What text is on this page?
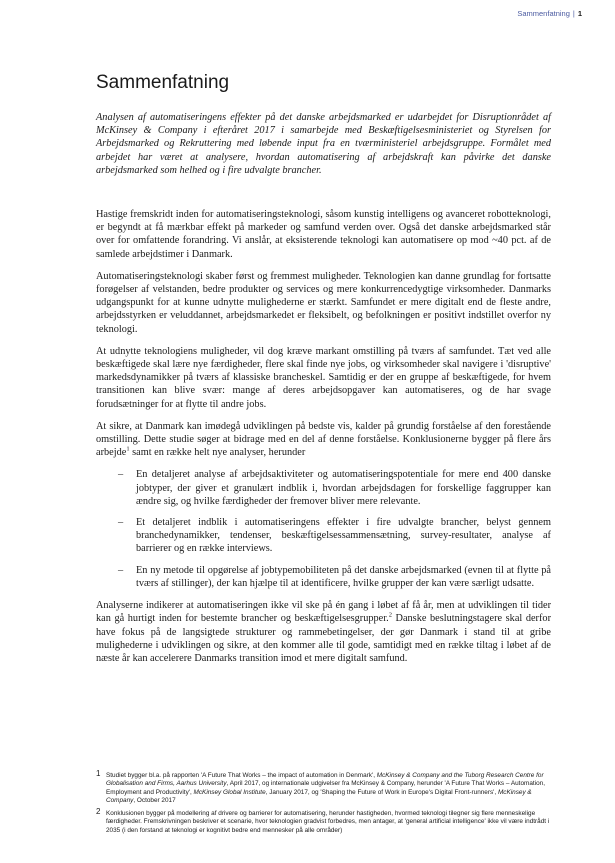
Sammenfatning | 1
Sammenfatning

Analysen af automatiseringens effekter på det danske arbejdsmarked er udarbejdet for Disruptionrådet af McKinsey & Company i efteråret 2017 i samarbejde med Beskæftigelsesministeriet og Styrelsen for Arbejdsmarked og Rekruttering med løbende input fra en tværministeriel arbejdsgruppe. Formålet med arbejdet har været at analysere, hvordan automatisering af arbejdskraft kan påvirke det danske arbejdsmarked som helhed og i fire udvalgte brancher.

Hastige fremskridt inden for automatiseringsteknologi, såsom kunstig intelligens og avanceret robotteknologi, er begyndt at få mærkbar effekt på markeder og samfund verden over. Også det danske arbejdsmarked står over for omfattende forandring. Vi anslår, at eksisterende teknologi kan automatisere op mod ~40 pct. af de samlede arbejdstimer i Danmark.

Automatiseringsteknologi skaber først og fremmest muligheder. Teknologien kan danne grundlag for fortsatte forøgelser af velstanden, bedre produkter og services og mere konkurrencedygtige virksomheder. Danmarks udgangspunkt for at kunne udnytte mulighederne er stærkt. Samfundet er mere digitalt end de fleste andre, arbejdsstyrken er veluddannet, arbejdsmarkedet er fleksibelt, og befolkningen er positivt indstillet overfor ny teknologi.

At udnytte teknologiens muligheder, vil dog kræve markant omstilling på tværs af samfundet. Tæt ved alle beskæftigede skal lære nye færdigheder, flere skal finde nye jobs, og virksomheder skal navigere i 'disruptive' markedsdynamikker på tværs af klassiske brancheskel. Samtidig er der en gruppe af beskæftigede, for hvem transitionen kan blive svær: mange af deres arbejdsopgaver kan automatiseres, og de har svage forudsætninger for at flytte til andre jobs.

At sikre, at Danmark kan imødegå udviklingen på bedste vis, kalder på grundig forståelse af den forestående omstilling. Dette studie søger at bidrage med en del af denne forståelse. Konklusionerne bygger på flere års arbejde$^1$ samt en række helt nye analyser, herunder

– En detaljeret analyse af arbejdsaktiviteter og automatiseringspotentiale for mere end 400 danske jobtyper, der giver et granulært indblik i, hvordan arbejdsdagen for forskellige faggrupper kan ændre sig, og hvilke færdigheder der fremover bliver mere relevante.
– Et detaljeret indblik i automatiseringens effekter i fire udvalgte brancher, belyst gennem branchedynamikker, tendenser, beskæftigelsessammensætning, survey-resultater, analyse af barrierer og en række interviews.
– En ny metode til opgørelse af jobtypemobiliteten på det danske arbejdsmarked (evnen til at flytte på tværs af stillinger), der kan hjælpe til at identificere, hvilke grupper der kan være særligt udsatte.

Analyserne indikerer at automatiseringen ikke vil ske på én gang i løbet af få år, men at udviklingen til tider kan gå hurtigt inden for bestemte brancher og beskæftigelsesgrupper.$^2$ Danske beslutningstagere skal derfor have fokus på de langsigtede strukturer og rammebetingelser, der gør Danmark i stand til at gribe mulighederne i udviklingen og sikre, at den kommer alle til gode, samtidigt med en række tiltag i løbet af de næste år kan accelerere Danmarks transition imod et mere digitalt samfund.

1 Studiet bygger bl.a. på rapporten 'A Future That Works – the impact of automation in Denmark', McKinsey & Company and the Tuborg Research Centre for Globalisation and Firms, Aarhus University, April 2017, og internationale udgivelser fra McKinsey & Company, herunder 'A Future That Works – Automation, Employment and Productivity', McKinsey Global Institute, January 2017, og 'Shaping the Future of Work in Europe's Digital Front-runners', McKinsey & Company, October 2017
2 Konklusionen bygger på modellering af drivere og barrierer for automatisering, herunder hastigheden, hvormed teknologi tilegner sig flere menneskelige færdigheder. Fremskrivningen beskriver et scenarie, hvor teknologien gradvist forbedres, men antager, at 'general artificial intelligence' ikke vil være indtrådt i 2035 (i den forstand at teknologi er kognitivt bedre end mennesker på alle områder)
